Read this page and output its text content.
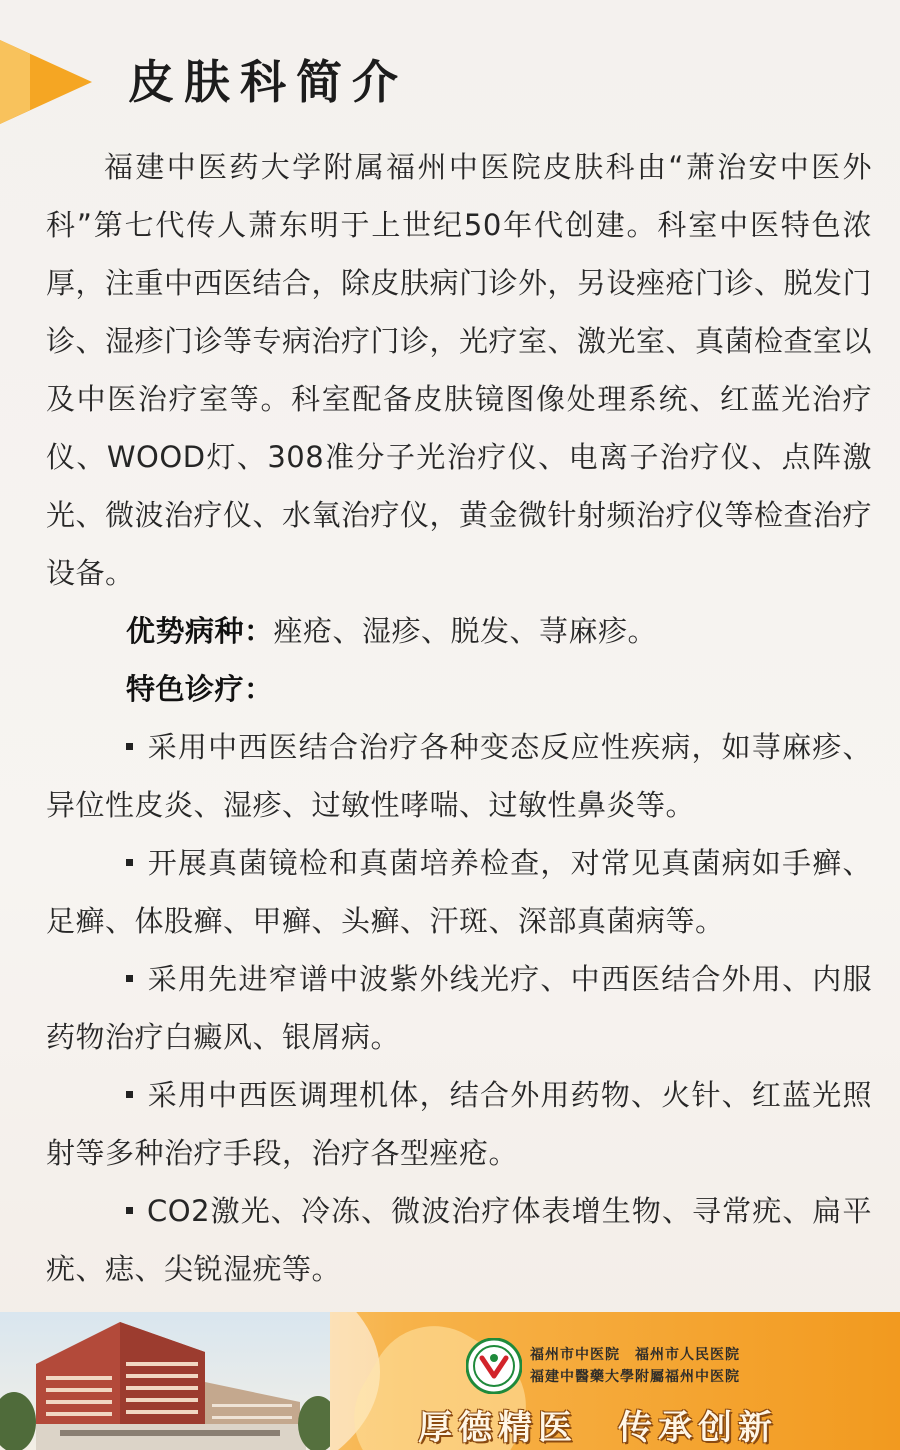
皮肤科简介

福建中医药大学附属福州中医院皮肤科由“萧治安中医外科”第七代传人萧东明于上世纪50年代创建。科室中医特色浓厚，注重中西医结合，除皮肤病门诊外，另设痤疮门诊、脱发门诊、湿疹门诊等专病治疗门诊，光疗室、激光室、真菌检查室以及中医治疗室等。科室配备皮肤镜图像处理系统、红蓝光治疗仪、WOOD灯、308准分子光治疗仪、电离子治疗仪、点阵激光、微波治疗仪、水氧治疗仪，黄金微针射频治疗仪等检查治疗设备。

优势病种：痤疮、湿疹、脱发、荨麻疹。

特色诊疗：

采用中西医结合治疗各种变态反应性疾病，如荨麻疹、异位性皮炎、湿疹、过敏性哮喘、过敏性鼻炎等。

开展真菌镜检和真菌培养检查，对常见真菌病如手癣、足癣、体股癣、甲癣、头癣、汗斑、深部真菌病等。

采用先进窄谱中波紫外线光疗、中西医结合外用、内服药物治疗白癜风、银屑病。

采用中西医调理机体，结合外用药物、火针、红蓝光照射等多种治疗手段，治疗各型痤疮。

CO2激光、冷冻、微波治疗体表增生物、寻常疣、扁平疣、痣、尖锐湿疣等。

福州市中医院　福州市人民医院
福建中醫藥大學附屬福州中医院
厚德精医　传承创新
